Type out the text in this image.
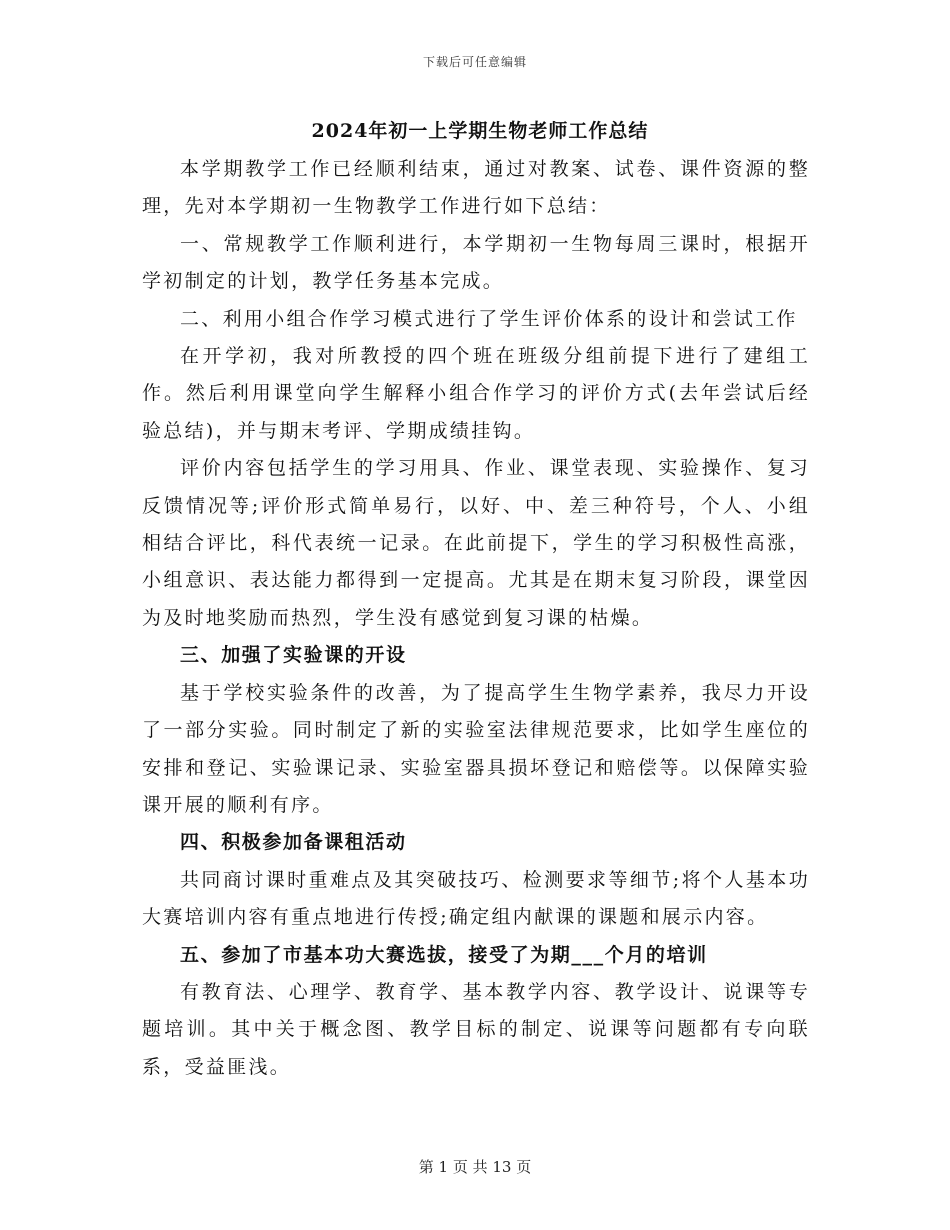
下载后可任意编辑
2024年初一上学期生物老师工作总结

本学期教学工作已经顺利结束，通过对教案、试卷、课件资源的整理，先对本学期初一生物教学工作进行如下总结：

一、常规教学工作顺利进行，本学期初一生物每周三课时，根据开学初制定的计划，教学任务基本完成。

二、利用小组合作学习模式进行了学生评价体系的设计和尝试工作

在开学初，我对所教授的四个班在班级分组前提下进行了建组工作。然后利用课堂向学生解释小组合作学习的评价方式(去年尝试后经验总结)，并与期末考评、学期成绩挂钩。

评价内容包括学生的学习用具、作业、课堂表现、实验操作、复习反馈情况等;评价形式简单易行，以好、中、差三种符号，个人、小组相结合评比，科代表统一记录。在此前提下，学生的学习积极性高涨，小组意识、表达能力都得到一定提高。尤其是在期末复习阶段，课堂因为及时地奖励而热烈，学生没有感觉到复习课的枯燥。

三、加强了实验课的开设

基于学校实验条件的改善，为了提高学生生物学素养，我尽力开设了一部分实验。同时制定了新的实验室法律规范要求，比如学生座位的安排和登记、实验课记录、实验室器具损坏登记和赔偿等。以保障实验课开展的顺利有序。

四、积极参加备课租活动

共同商讨课时重难点及其突破技巧、检测要求等细节;将个人基本功大赛培训内容有重点地进行传授;确定组内献课的课题和展示内容。

五、参加了市基本功大赛选拔，接受了为期___个月的培训

有教育法、心理学、教育学、基本教学内容、教学设计、说课等专题培训。其中关于概念图、教学目标的制定、说课等问题都有专向联系，受益匪浅。

第 1 页 共 13 页
